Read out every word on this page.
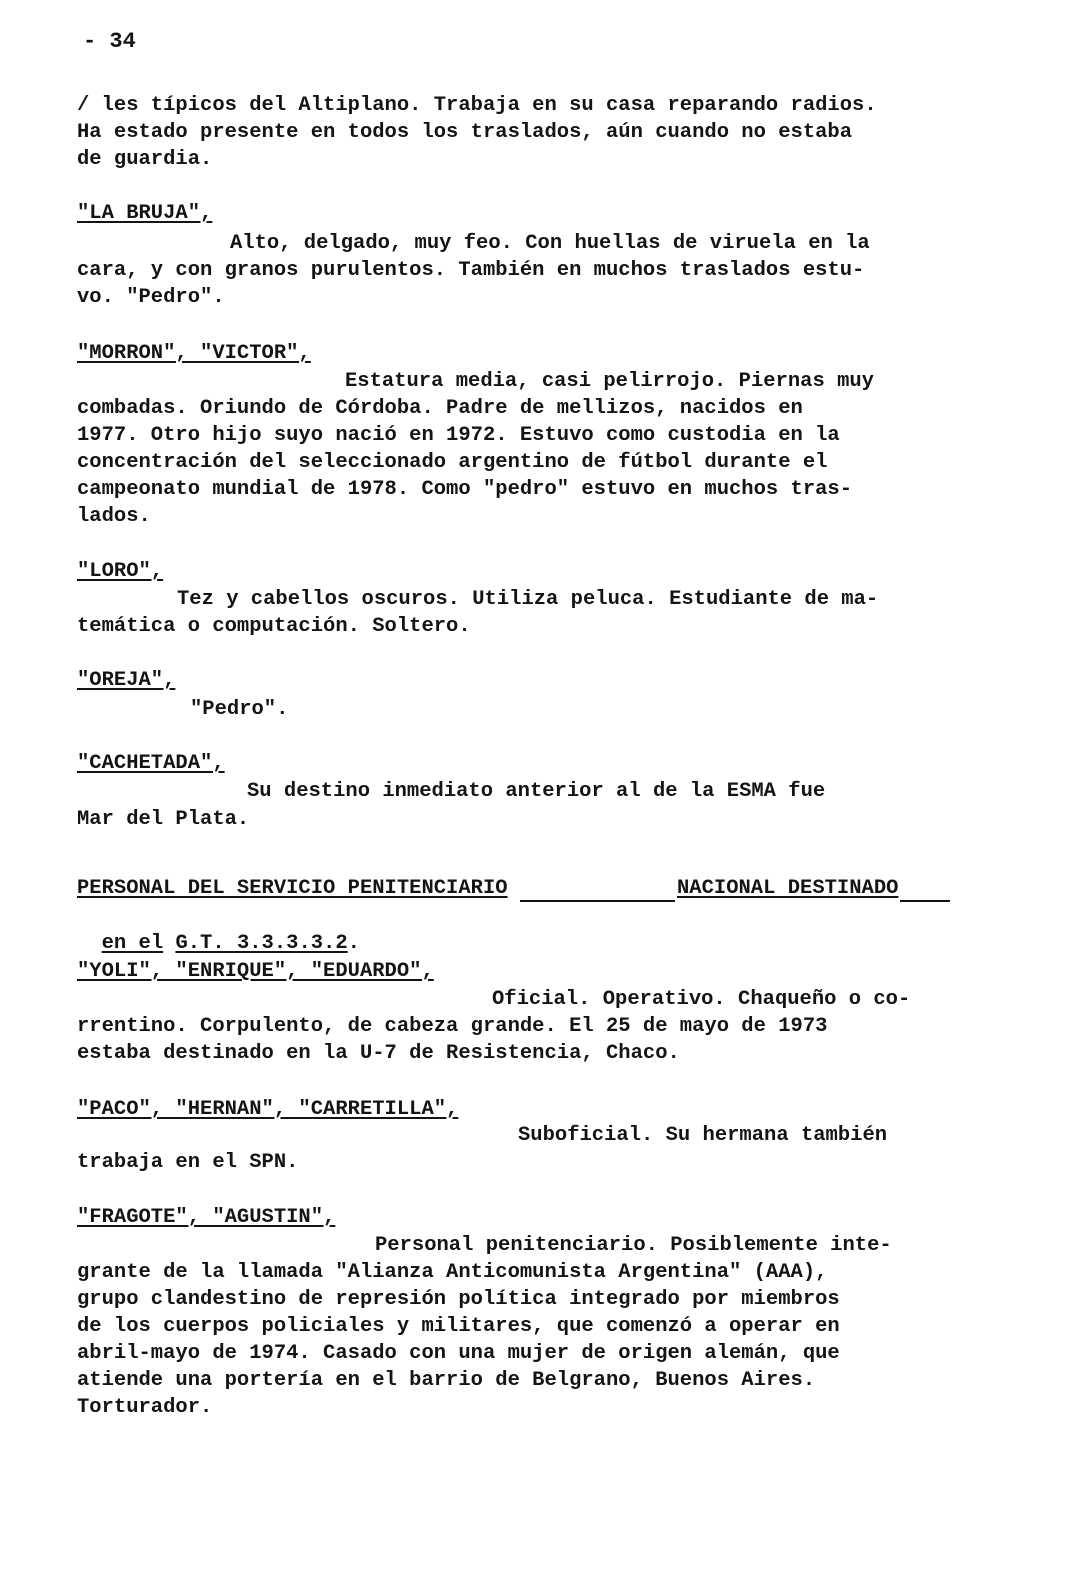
- 34
/ les típicos del Altiplano. Trabaja en su casa reparando radios.
Ha estado presente en todos los traslados, aún cuando no estaba
de guardia.
"LA BRUJA",
Alto, delgado, muy feo. Con huellas de viruela en la
cara, y con granos purulentos. También en muchos traslados estu-
vo. "Pedro".
"MORRON", "VICTOR",
Estatura media, casi pelirrojo. Piernas muy
combadas. Oriundo de Córdoba. Padre de mellizos, nacidos en
1977. Otro hijo suyo nació en 1972. Estuvo como custodia en la
concentración del seleccionado argentino de fútbol durante el
campeonato mundial de 1978. Como "pedro" estuvo en muchos tras-
lados.
"LORO",
Tez y cabellos oscuros. Utiliza peluca. Estudiante de ma-
temática o computación. Soltero.
"OREJA",
"Pedro".
"CACHETADA",
Su destino inmediato anterior al de la ESMA fue
Mar del Plata.
PERSONAL DEL SERVICIO PENITENCIARIO	NACIONAL DESTINADO

en el G.T. 3.3.3.3.2.

"YOLI", "ENRIQUE", "EDUARDO",
Oficial. Operativo. Chaqueño o co-
rrentino. Corpulento, de cabeza grande. El 25 de mayo de 1973
estaba destinado en la U-7 de Resistencia, Chaco.
"PACO", "HERNAN", "CARRETILLA",
Suboficial. Su hermana también
trabaja en el SPN.
"FRAGOTE", "AGUSTIN",
Personal penitenciario. Posiblemente inte-
grante de la llamada "Alianza Anticomunista Argentina" (AAA),
grupo clandestino de represión política integrado por miembros
de los cuerpos policiales y militares, que comenzó a operar en
abril-mayo de 1974. Casado con una mujer de origen alemán, que
atiende una portería en el barrio de Belgrano, Buenos Aires.
Torturador.
